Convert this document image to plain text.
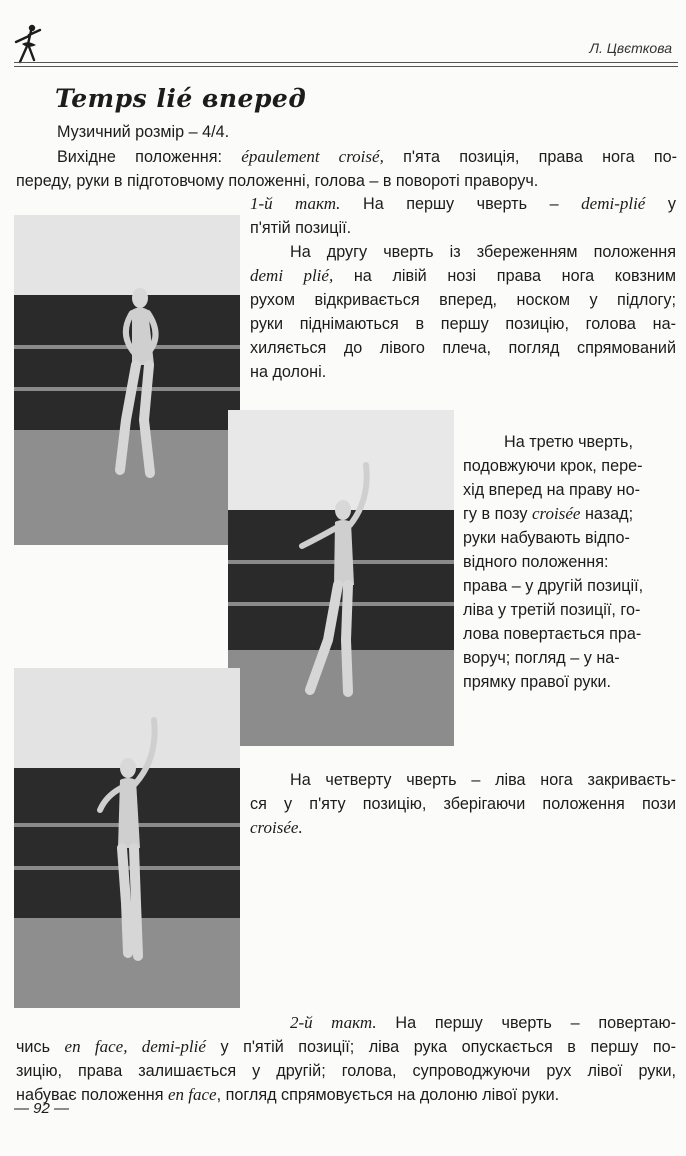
Л. Цвєткова
Temps lié вперед
Музичний розмір – 4/4.
Вихідне положення: épaulement croisé, п'ята позиція, права нога по-
переду, руки в підготовчому положенні, голова – в повороті праворуч.
1-й такт. На першу чверть – demi-plié у
п'ятій позиції.
На другу чверть із збереженням положення
demi plié, на лівій нозі права нога ковзним
рухом відкривається вперед, носком у підлогу;
руки піднімаються в першу позицію, голова на-
хиляється до лівого плеча, погляд спрямований
на долоні.
На третю чверть,
подовжуючи крок, пере-
хід вперед на праву но-
гу в позу croisée назад;
руки набувають відпо-
відного положення:
права – у другій позиції,
ліва у третій позиції, го-
лова повертається пра-
воруч; погляд – у на-
прямку правої руки.
На четверту чверть – ліва нога закриваєть-
ся у п'яту позицію, зберігаючи положення пози
croisée.
2-й такт. На першу чверть – повертаю-
чись en face, demi-plié у п'ятій позиції; ліва рука опускається в першу по-
зицію, права залишається у другій; голова, супроводжуючи рух лівої руки,
набуває положення en face, погляд спрямовується на долоню лівої руки.
— 92 —
